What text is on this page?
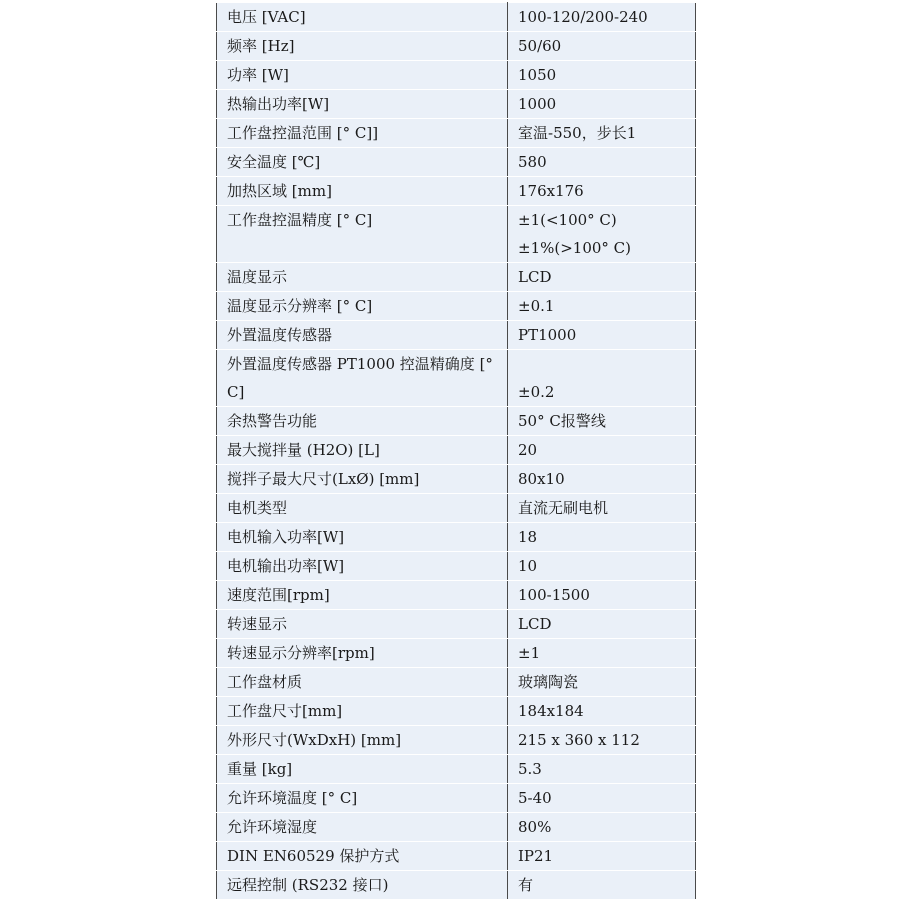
电压 [VAC]	100-120/200-240
频率 [Hz]	50/60
功率 [W]	1050
热输出功率[W]	1000
工作盘控温范围 [° C]]	室温-550，步长1
安全温度 [℃]	580
加热区域 [mm]	176x176
工作盘控温精度 [° C]	±1(<100° C)
±1%(>100° C)

温度显示	LCD
温度显示分辨率 [° C]	±0.1
外置温度传感器	PT1000
外置温度传感器 PT1000 控温精确度 [° C]	±0.2
余热警告功能	50° C报警线
最大搅拌量 (H2O) [L]	20
搅拌子最大尺寸(LxØ) [mm]	80x10
电机类型	直流无刷电机
电机输入功率[W]	18
电机输出功率[W]	10
速度范围[rpm]	100-1500
转速显示	LCD
转速显示分辨率[rpm]	±1
工作盘材质	玻璃陶瓷
工作盘尺寸[mm]	184x184
外形尺寸(WxDxH) [mm]	215 x 360 x 112
重量 [kg]	5.3
允许环境温度 [° C]	5-40
允许环境湿度	80%
DIN EN60529 保护方式	IP21
远程控制 (RS232 接口)	有
